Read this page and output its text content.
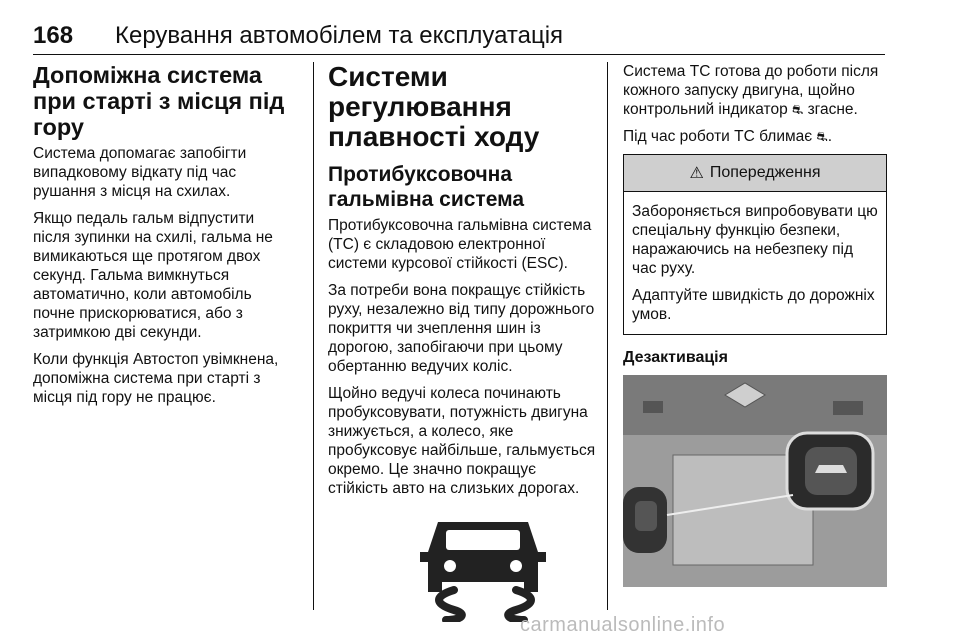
168	Керування автомобілем та експлуатація
Допоміжна система при старті з місця під гору

Система допомагає запобігти випадковому відкату під час рушання з місця на схилах.

Якщо педаль гальм відпустити після зупинки на схилі, гальма не вимикаються ще протягом двох секунд. Гальма вимкнуться автоматично, коли автомобіль почне прискорюватися, або з затримкою дві секунди.

Коли функція Автостоп увімкнена, допоміжна система при старті з місця під гору не працює.

Системи регулювання плавності ходу
Протибуксовочна гальмівна система

Протибуксовочна гальмівна система (TC) є складовою електронної системи курсової стійкості (ESC).

За потреби вона покращує стійкість руху, незалежно від типу дорожнього покриття чи зчеплення шин із дорогою, запобігаючи при цьому обертанню ведучих коліс.

Щойно ведучі колеса починають пробуксовувати, потужність двигуна знижується, а колесо, яке пробуксовує найбільше, гальмується окремо. Це значно покращує стійкість авто на слизьких дорогах.

Система TC готова до роботи після кожного запуску двигуна, щойно контрольний індикатор ⛐ згасне.

Під час роботи TC блимає ⛐.

⚠ Попередження

Забороняється випробовувати цю спеціальну функцію безпеки, наражаючись на небезпеку під час руху.

Адаптуйте швидкість до дорожніх умов.

Дезактивація
carmanualsonline.info
